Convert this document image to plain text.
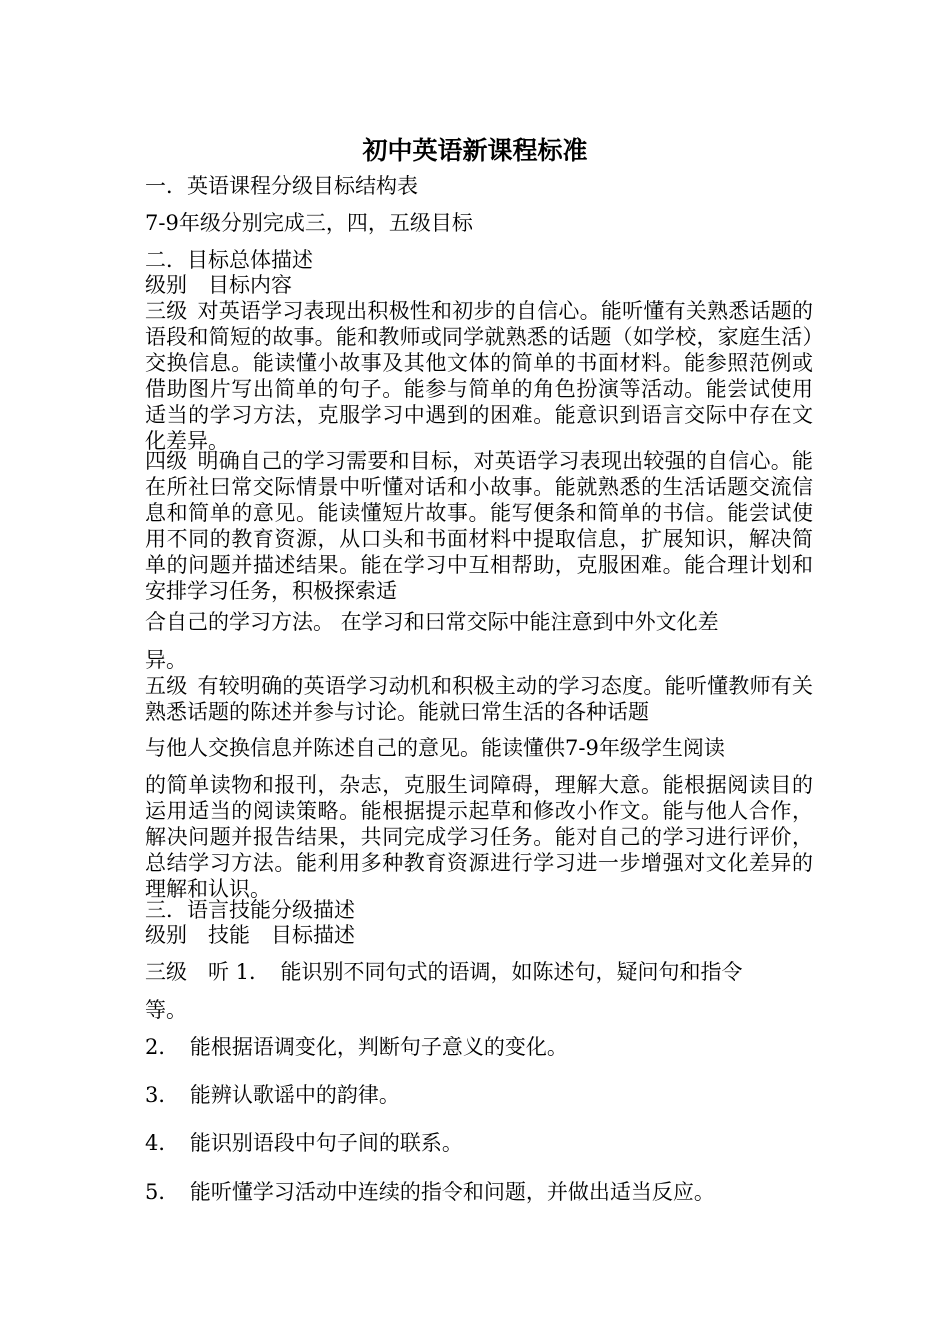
初中英语新课程标准
一．英语课程分级目标结构表
7-9年级分别完成三，四，五级目标
二．目标总体描述
级别　目标内容
三级 对英语学习表现出积极性和初步的自信心。能听懂有关熟悉话题的语段和简短的故事。能和教师或同学就熟悉的话题（如学校，家庭生活）交换信息。能读懂小故事及其他文体的简单的书面材料。能参照范例或借助图片写出简单的句子。能参与简单的角色扮演等活动。能尝试使用适当的学习方法，克服学习中遇到的困难。能意识到语言交际中存在文化差异。
四级 明确自己的学习需要和目标，对英语学习表现出较强的自信心。能在所社曰常交际情景中听懂对话和小故事。能就熟悉的生活话题交流信息和简单的意见。能读懂短片故事。能写便条和简单的书信。能尝试使用不同的教育资源，从口头和书面材料中提取信息，扩展知识，解决简单的问题并描述结果。能在学习中互相帮助，克服困难。能合理计划和安排学习任务，积极探索适
合自己的学习方法。 在学习和曰常交际中能注意到中外文化差
异。
五级 有较明确的英语学习动机和积极主动的学习态度。能听懂教师有关熟悉话题的陈述并参与讨论。能就曰常生活的各种话题
与他人交换信息并陈述自己的意见。能读懂供7-9年级学生阅读
的简单读物和报刊，杂志，克服生词障碍，理解大意。能根据阅读目的运用适当的阅读策略。能根据提示起草和修改小作文。能与他人合作，解决问题并报告结果，共同完成学习任务。能对自己的学习进行评价，总结学习方法。能利用多种教育资源进行学习进一步增强对文化差异的理解和认识。
三．语言技能分级描述
级别　技能　目标描述
三级　听 1．　能识别不同句式的语调，如陈述句，疑问句和指令
等。
2．　能根据语调变化，判断句子意义的变化。
3．　能辨认歌谣中的韵律。
4．　能识别语段中句子间的联系。
5．　能听懂学习活动中连续的指令和问题，并做出适当反应。
